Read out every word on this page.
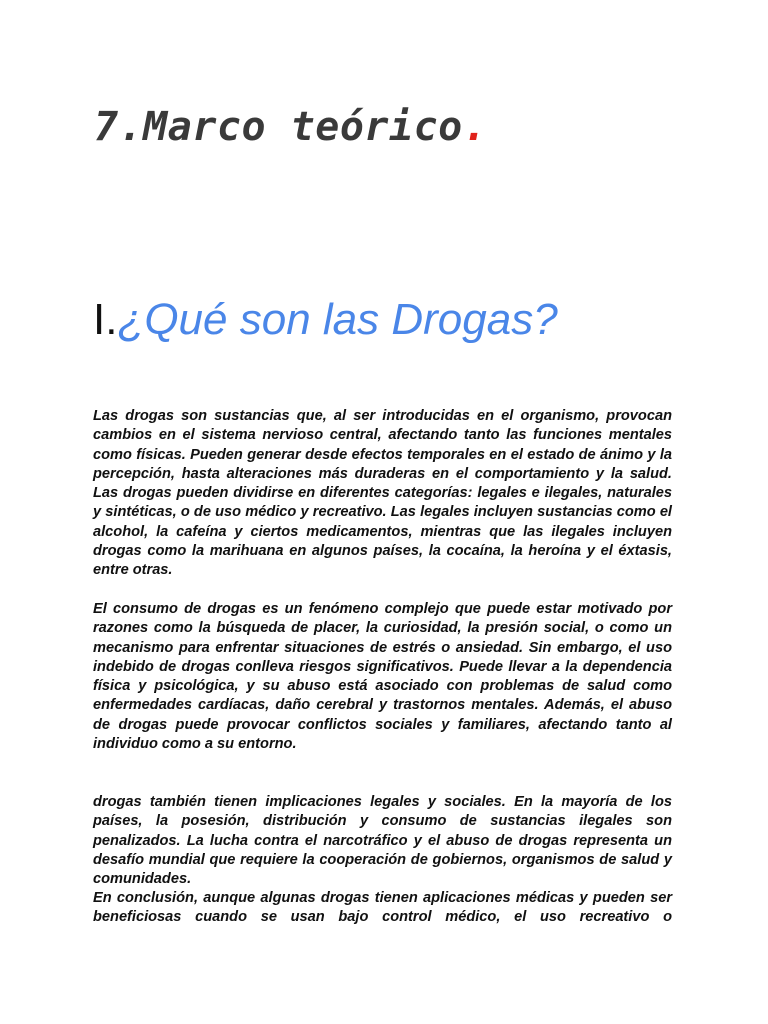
7.Marco teórico.
I.¿Qué son las Drogas?

Las drogas son sustancias que, al ser introducidas en el organismo, provocan cambios en el sistema nervioso central, afectando tanto las funciones mentales como físicas. Pueden generar desde efectos temporales en el estado de ánimo y la percepción, hasta alteraciones más duraderas en el comportamiento y la salud. Las drogas pueden dividirse en diferentes categorías: legales e ilegales, naturales y sintéticas, o de uso médico y recreativo. Las legales incluyen sustancias como el alcohol, la cafeína y ciertos medicamentos, mientras que las ilegales incluyen drogas como la marihuana en algunos países, la cocaína, la heroína y el éxtasis, entre otras.

El consumo de drogas es un fenómeno complejo que puede estar motivado por razones como la búsqueda de placer, la curiosidad, la presión social, o como un mecanismo para enfrentar situaciones de estrés o ansiedad. Sin embargo, el uso indebido de drogas conlleva riesgos significativos. Puede llevar a la dependencia física y psicológica, y su abuso está asociado con problemas de salud como enfermedades cardíacas, daño cerebral y trastornos mentales. Además, el abuso de drogas puede provocar conflictos sociales y familiares, afectando tanto al individuo como a su entorno.

drogas también tienen implicaciones legales y sociales. En la mayoría de los países, la posesión, distribución y consumo de sustancias ilegales son penalizados. La lucha contra el narcotráfico y el abuso de drogas representa un desafío mundial que requiere la cooperación de gobiernos, organismos de salud y comunidades.

En conclusión, aunque algunas drogas tienen aplicaciones médicas y pueden ser beneficiosas cuando se usan bajo control médico, el uso recreativo o
